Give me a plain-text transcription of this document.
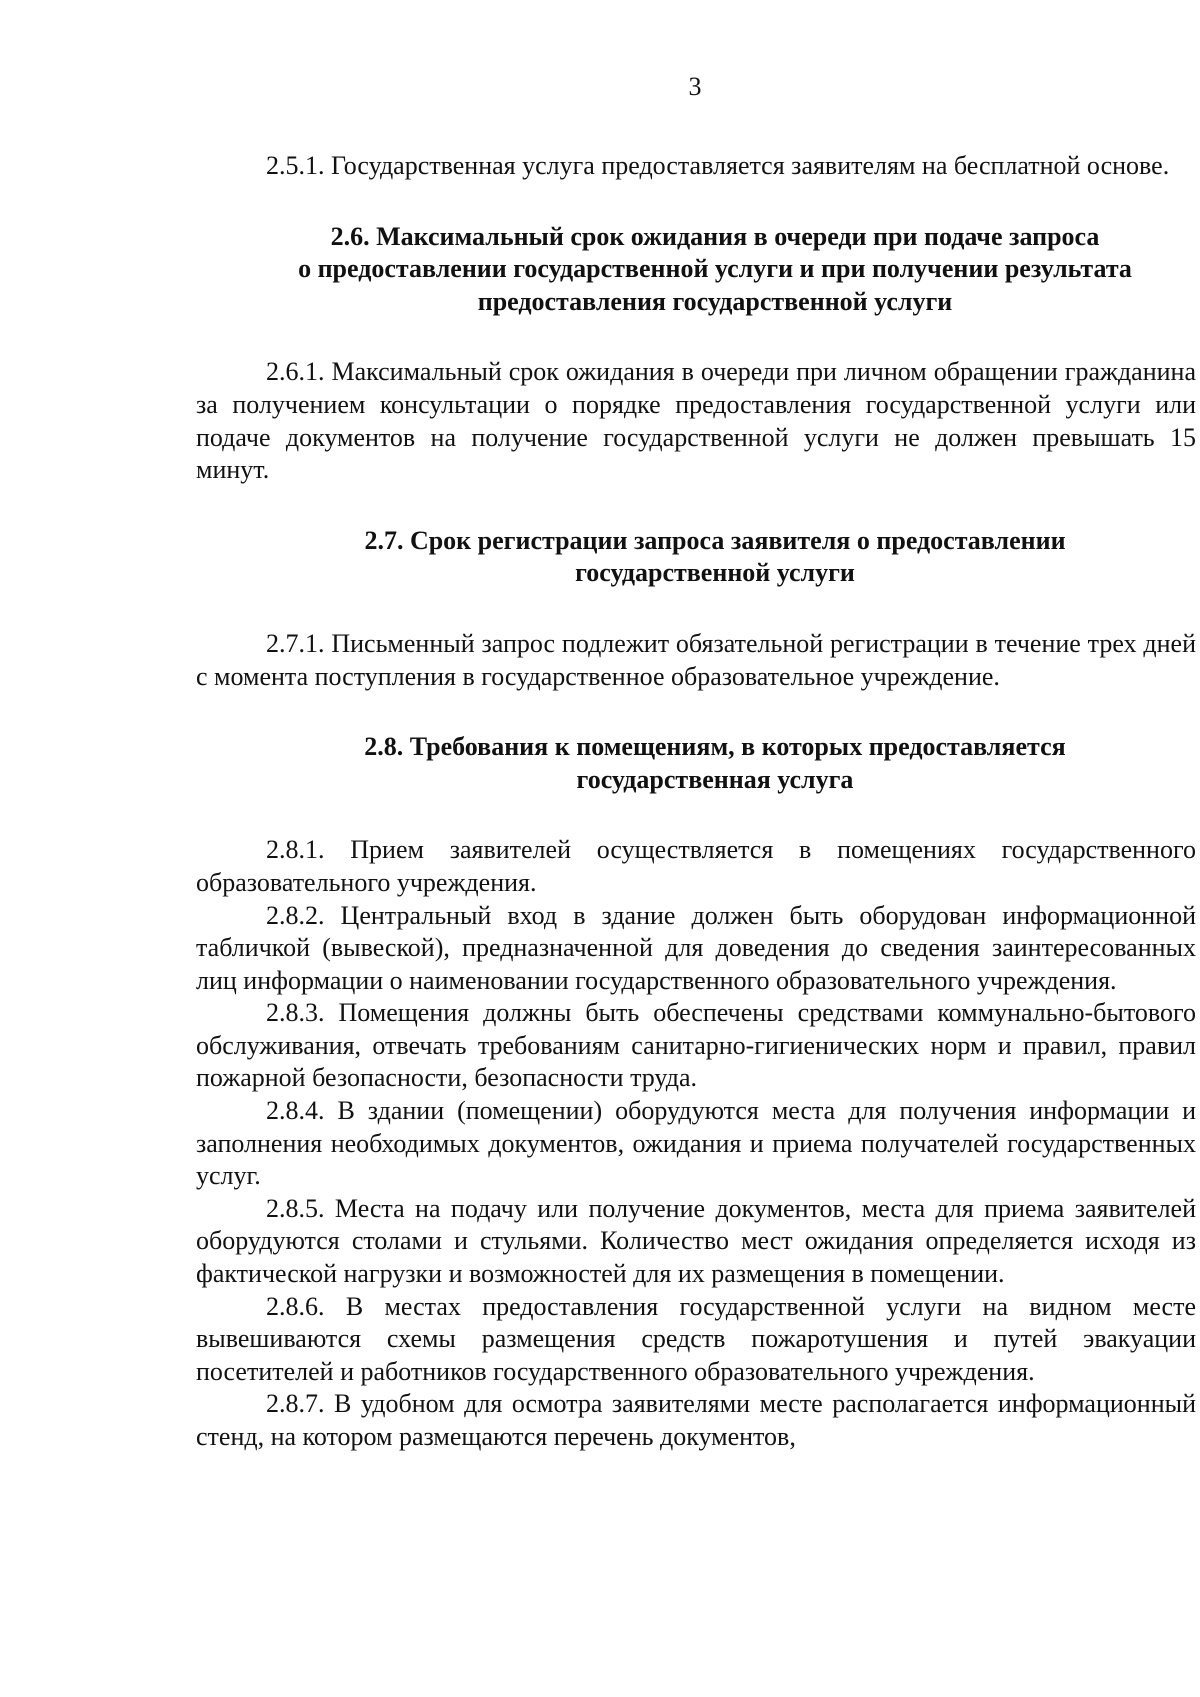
3

2.5.1. Государственная услуга предоставляется заявителям на бесплатной основе.

2.6. Максимальный срок ожидания в очереди при подаче запроса

о предоставлении государственной услуги и при получении результата

предоставления государственной услуги

2.6.1. Максимальный срок ожидания в очереди при личном обращении гражданина за получением консультации о порядке предоставления государственной услуги или подаче документов на получение государственной услуги не должен превышать 15 минут.

2.7. Срок регистрации запроса заявителя о предоставлении

государственной услуги

2.7.1. Письменный запрос подлежит обязательной регистрации в течение трех дней с момента поступления в государственное образовательное учреждение.

2.8. Требования к помещениям, в которых предоставляется

государственная услуга

2.8.1. Прием заявителей осуществляется в помещениях государственного образовательного учреждения.

2.8.2. Центральный вход в здание должен быть оборудован информационной табличкой (вывеской), предназначенной для доведения до сведения заинтересованных лиц информации о наименовании государственного образовательного учреждения.

2.8.3. Помещения должны быть обеспечены средствами коммунально-бытового обслуживания, отвечать требованиям санитарно-гигиенических норм и правил, правил пожарной безопасности, безопасности труда.

2.8.4. В здании (помещении) оборудуются места для получения информации и заполнения необходимых документов, ожидания и приема получателей государственных услуг.

2.8.5. Места на подачу или получение документов, места для приема заявителей оборудуются столами и стульями. Количество мест ожидания определяется исходя из фактической нагрузки и возможностей для их размещения в помещении.

2.8.6. В местах предоставления государственной услуги на видном месте вывешиваются схемы размещения средств пожаротушения и путей эвакуации посетителей и работников государственного образовательного учреждения.

2.8.7. В удобном для осмотра заявителями месте располагается информационный стенд, на котором размещаются перечень документов,
